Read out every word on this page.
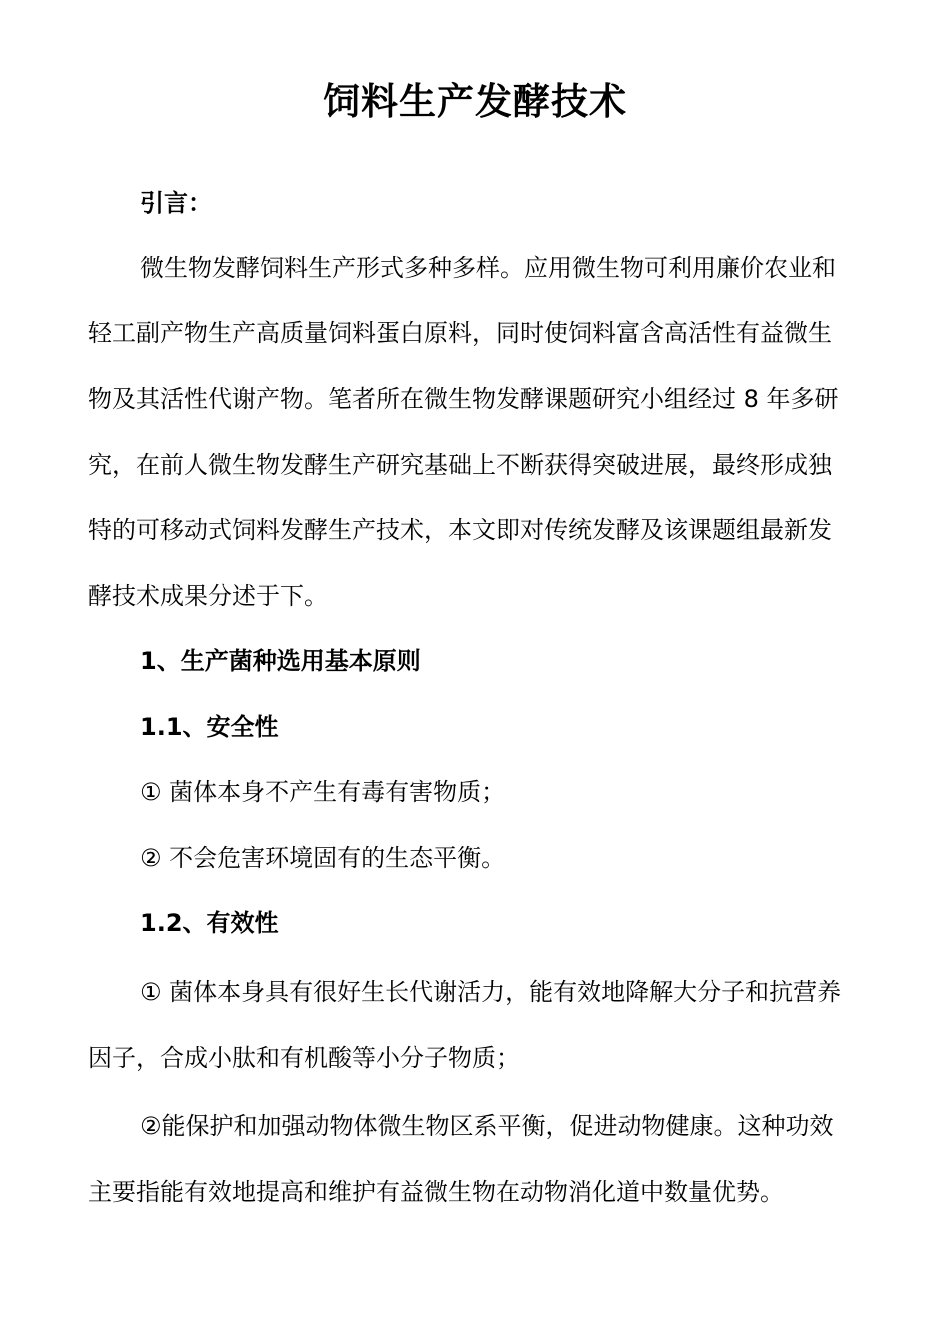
饲料生产发酵技术
引言：
微生物发酵饲料生产形式多种多样。应用微生物可利用廉价农业和
轻工副产物生产高质量饲料蛋白原料，同时使饲料富含高活性有益微生
物及其活性代谢产物。笔者所在微生物发酵课题研究小组经过 8 年多研
究，在前人微生物发酵生产研究基础上不断获得突破进展，最终形成独
特的可移动式饲料发酵生产技术，本文即对传统发酵及该课题组最新发
酵技术成果分述于下。
1、生产菌种选用基本原则
1.1、安全性
① 菌体本身不产生有毒有害物质；
② 不会危害环境固有的生态平衡。
1.2、有效性
① 菌体本身具有很好生长代谢活力，能有效地降解大分子和抗营养
因子，合成小肽和有机酸等小分子物质；
②能保护和加强动物体微生物区系平衡，促进动物健康。这种功效
主要指能有效地提高和维护有益微生物在动物消化道中数量优势。
